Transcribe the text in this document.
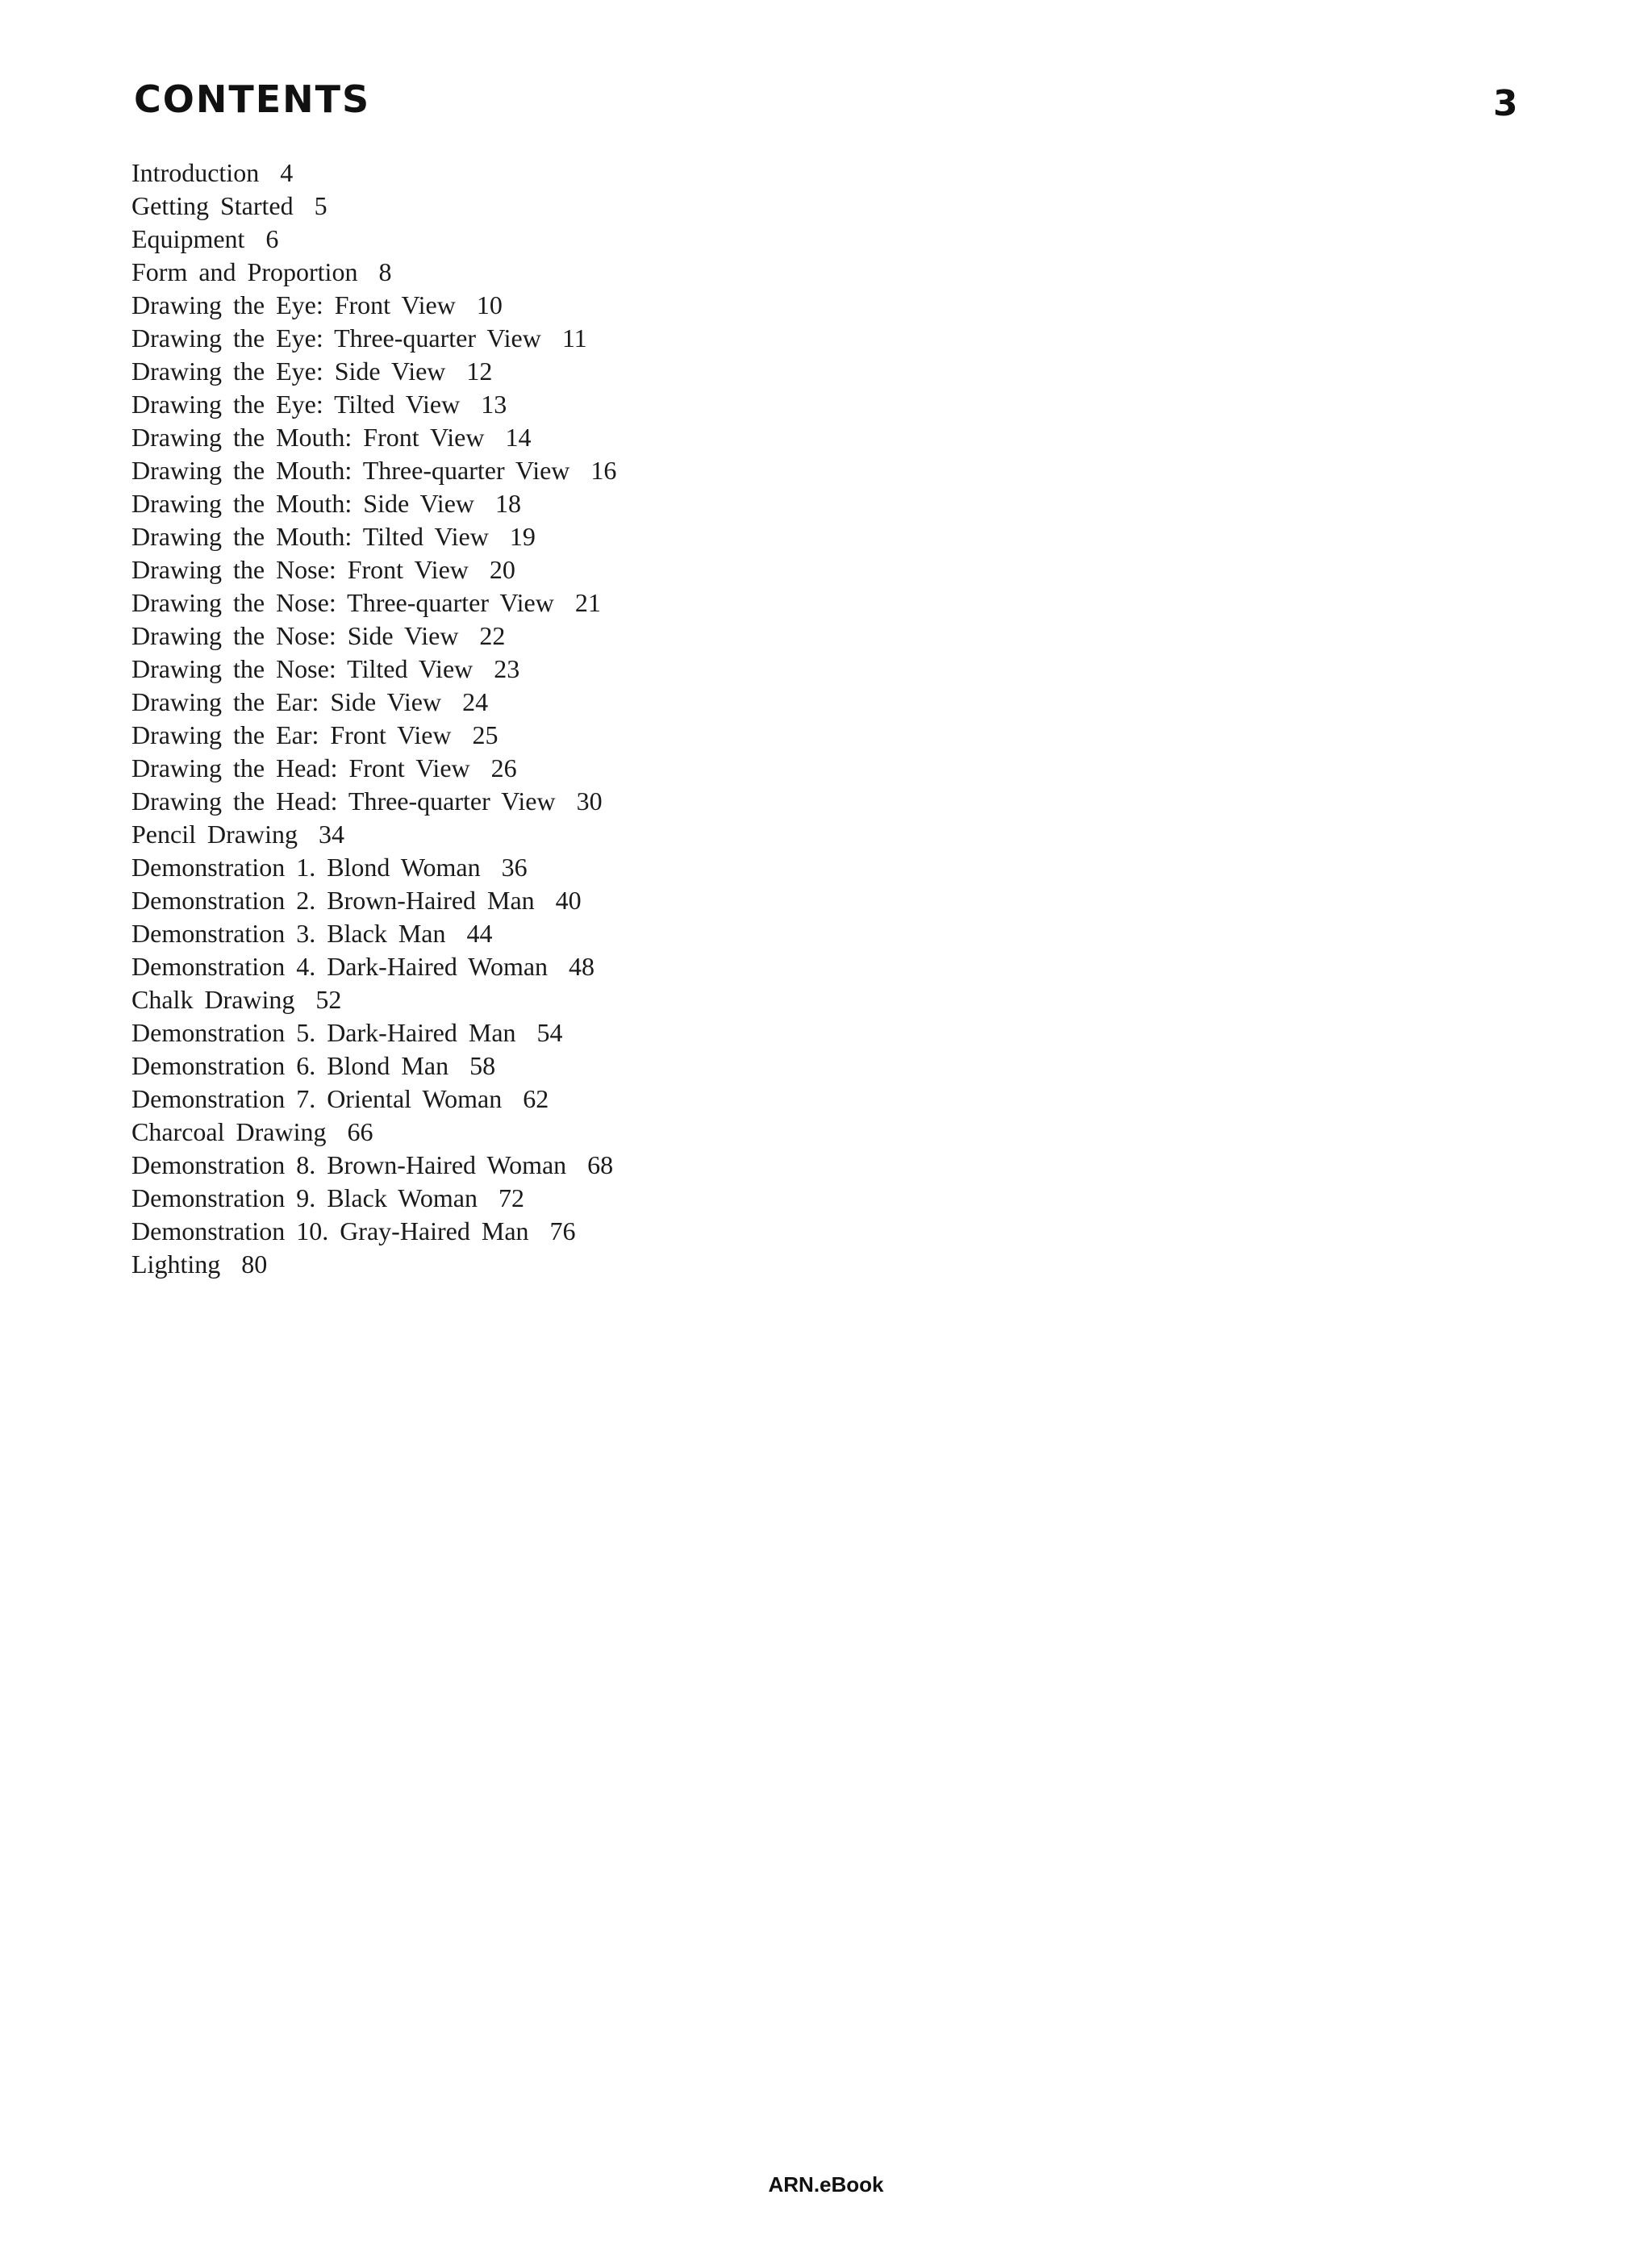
CONTENTS	3
Introduction 4
Getting Started 5
Equipment 6
Form and Proportion 8
Drawing the Eye: Front View 10
Drawing the Eye: Three-quarter View 11
Drawing the Eye: Side View 12
Drawing the Eye: Tilted View 13
Drawing the Mouth: Front View 14
Drawing the Mouth: Three-quarter View 16
Drawing the Mouth: Side View 18
Drawing the Mouth: Tilted View 19
Drawing the Nose: Front View 20
Drawing the Nose: Three-quarter View 21
Drawing the Nose: Side View 22
Drawing the Nose: Tilted View 23
Drawing the Ear: Side View 24
Drawing the Ear: Front View 25
Drawing the Head: Front View 26
Drawing the Head: Three-quarter View 30
Pencil Drawing 34
Demonstration 1. Blond Woman 36
Demonstration 2. Brown-Haired Man 40
Demonstration 3. Black Man 44
Demonstration 4. Dark-Haired Woman 48
Chalk Drawing 52
Demonstration 5. Dark-Haired Man 54
Demonstration 6. Blond Man 58
Demonstration 7. Oriental Woman 62
Charcoal Drawing 66
Demonstration 8. Brown-Haired Woman 68
Demonstration 9. Black Woman 72
Demonstration 10. Gray-Haired Man 76
Lighting 80
ARN.eBook
